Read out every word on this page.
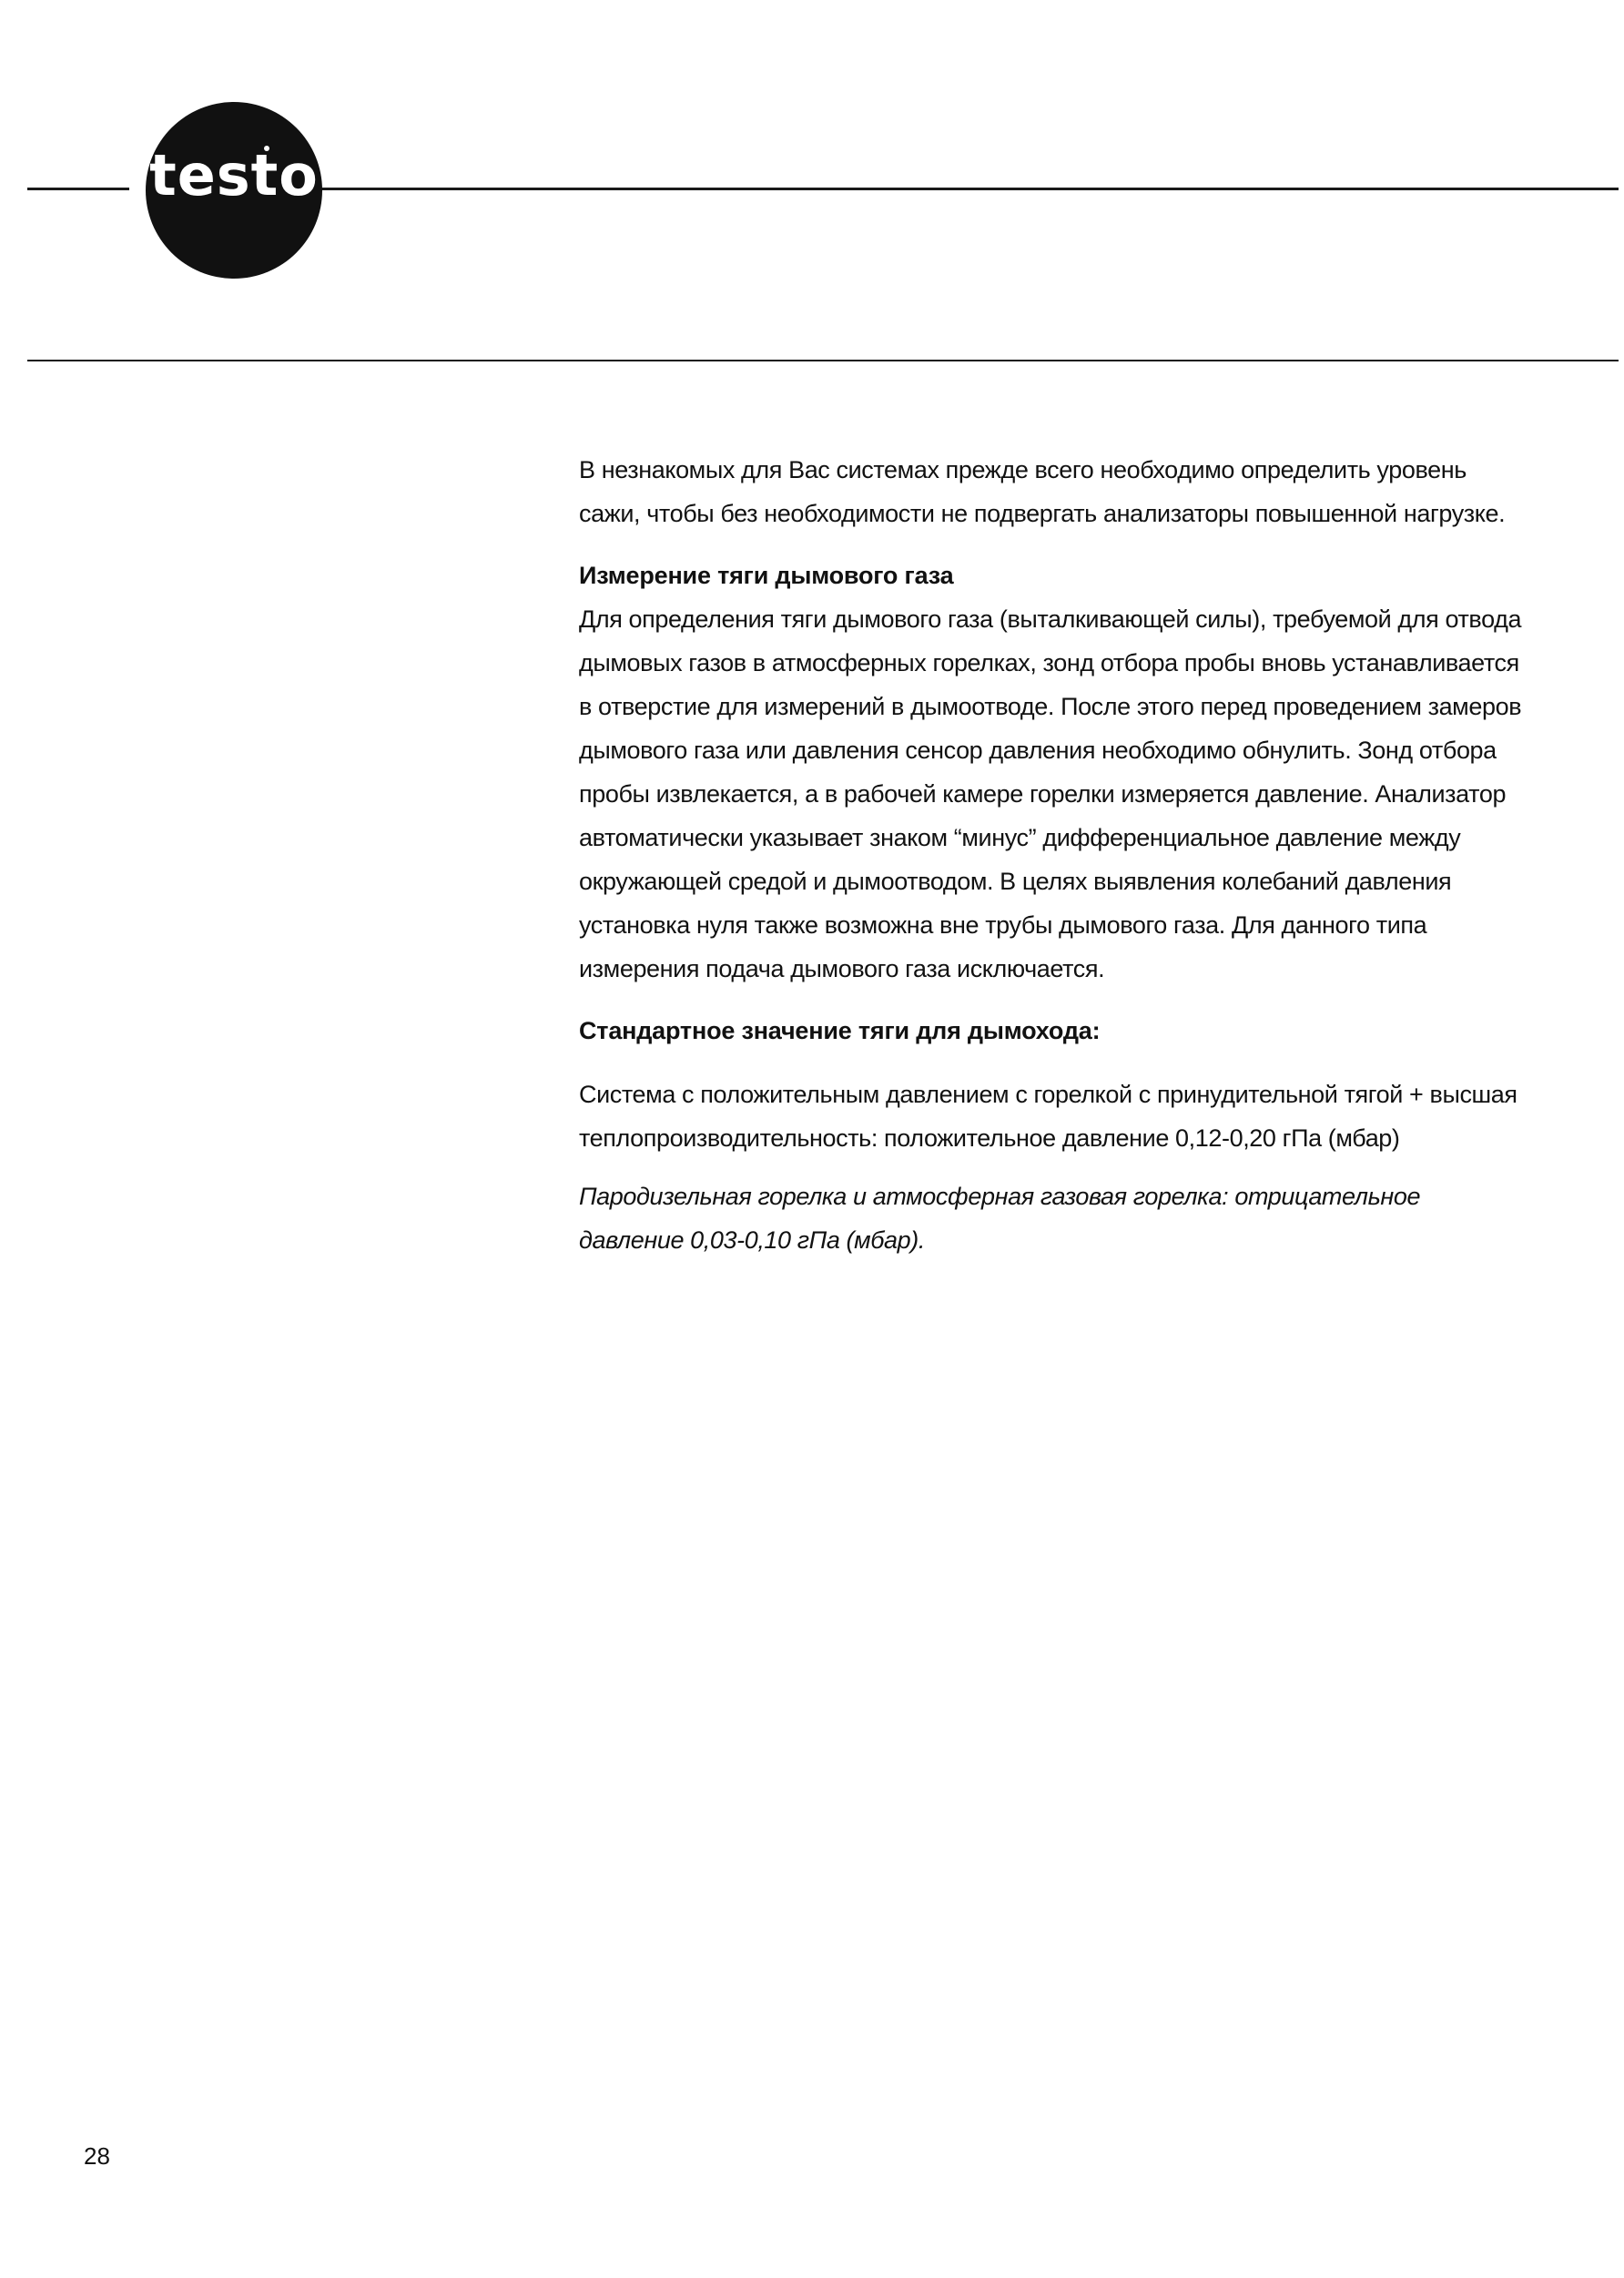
testo

В незнакомых для Вас системах прежде всего необходимо определить уровень сажи, чтобы без необходимости не подвергать анализаторы повышенной нагрузке.

Измерение тяги дымового газа

Для определения тяги дымового газа (выталкивающей силы), требуемой для отвода дымовых газов в атмосферных горелках, зонд отбора пробы вновь устанавливается в отверстие для измерений в дымоотводе. После этого перед проведением замеров дымового газа или давления сенсор давления необходимо обнулить. Зонд отбора пробы извлекается, а в рабочей камере горелки измеряется давление. Анализатор автоматически указывает знаком “минус” дифференциальное давление между окружающей средой и дымоотводом. В целях выявления колебаний давления установка нуля также возможна вне трубы дымового газа. Для данного типа измерения подача дымового газа исключается.

Стандартное значение тяги для дымохода:

Система с положительным давлением с горелкой с принудительной тягой + высшая теплопроизводительность: положительное давление 0,12-0,20 гПа (мбар)

Пародизельная горелка и атмосферная газовая горелка: отрицательное давление 0,03-0,10 гПа (мбар).

28
